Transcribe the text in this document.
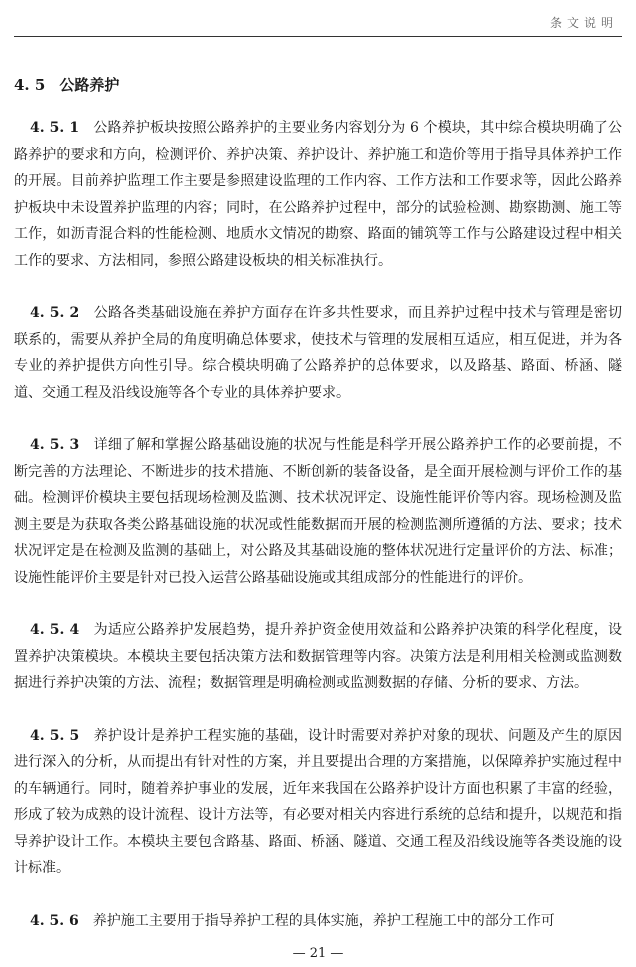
条文说明
4. 5 公路养护

4. 5. 1 公路养护板块按照公路养护的主要业务内容划分为 6 个模块，其中综合模块明确了公路养护的要求和方向，检测评价、养护决策、养护设计、养护施工和造价等用于指导具体养护工作的开展。目前养护监理工作主要是参照建设监理的工作内容、工作方法和工作要求等，因此公路养护板块中未设置养护监理的内容；同时，在公路养护过程中，部分的试验检测、勘察勘测、施工等工作，如沥青混合料的性能检测、地质水文情况的勘察、路面的铺筑等工作与公路建设过程中相关工作的要求、方法相同，参照公路建设板块的相关标准执行。

4. 5. 2 公路各类基础设施在养护方面存在许多共性要求，而且养护过程中技术与管理是密切联系的，需要从养护全局的角度明确总体要求，使技术与管理的发展相互适应，相互促进，并为各专业的养护提供方向性引导。综合模块明确了公路养护的总体要求，以及路基、路面、桥涵、隧道、交通工程及沿线设施等各个专业的具体养护要求。

4. 5. 3 详细了解和掌握公路基础设施的状况与性能是科学开展公路养护工作的必要前提，不断完善的方法理论、不断进步的技术措施、不断创新的装备设备，是全面开展检测与评价工作的基础。检测评价模块主要包括现场检测及监测、技术状况评定、设施性能评价等内容。现场检测及监测主要是为获取各类公路基础设施的状况或性能数据而开展的检测监测所遵循的方法、要求；技术状况评定是在检测及监测的基础上，对公路及其基础设施的整体状况进行定量评价的方法、标准；设施性能评价主要是针对已投入运营公路基础设施或其组成部分的性能进行的评价。

4. 5. 4 为适应公路养护发展趋势，提升养护资金使用效益和公路养护决策的科学化程度，设置养护决策模块。本模块主要包括决策方法和数据管理等内容。决策方法是利用相关检测或监测数据进行养护决策的方法、流程；数据管理是明确检测或监测数据的存储、分析的要求、方法。

4. 5. 5 养护设计是养护工程实施的基础，设计时需要对养护对象的现状、问题及产生的原因进行深入的分析，从而提出有针对性的方案，并且要提出合理的方案措施，以保障养护实施过程中的车辆通行。同时，随着养护事业的发展，近年来我国在公路养护设计方面也积累了丰富的经验，形成了较为成熟的设计流程、设计方法等，有必要对相关内容进行系统的总结和提升，以规范和指导养护设计工作。本模块主要包含路基、路面、桥涵、隧道、交通工程及沿线设施等各类设施的设计标准。

4. 5. 6 养护施工主要用于指导养护工程的具体实施，养护工程施工中的部分工作可

— 21 —
